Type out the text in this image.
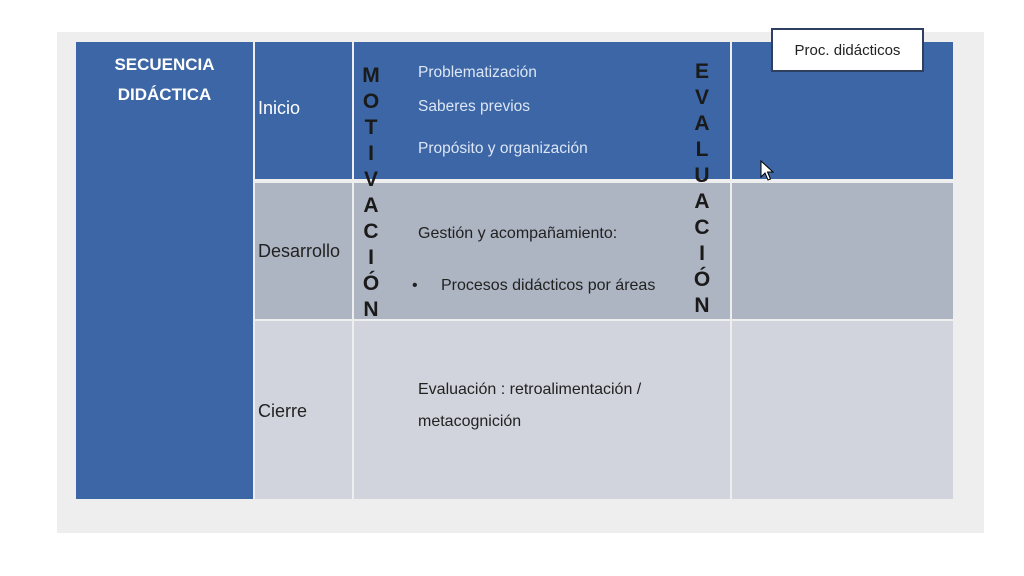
SECUENCIA
DIDÁCTICA
Inicio
Problematización
Saberes previos
Propósito y organización
Desarrollo
Gestión y acompañamiento:
• Procesos didácticos por áreas
Cierre
Evaluación : retroalimentación /
metacognición
M
O
T
I
V
A
C
I
Ó
N
E
V
A
L
U
A
C
I
Ó
N
Proc. didácticos
